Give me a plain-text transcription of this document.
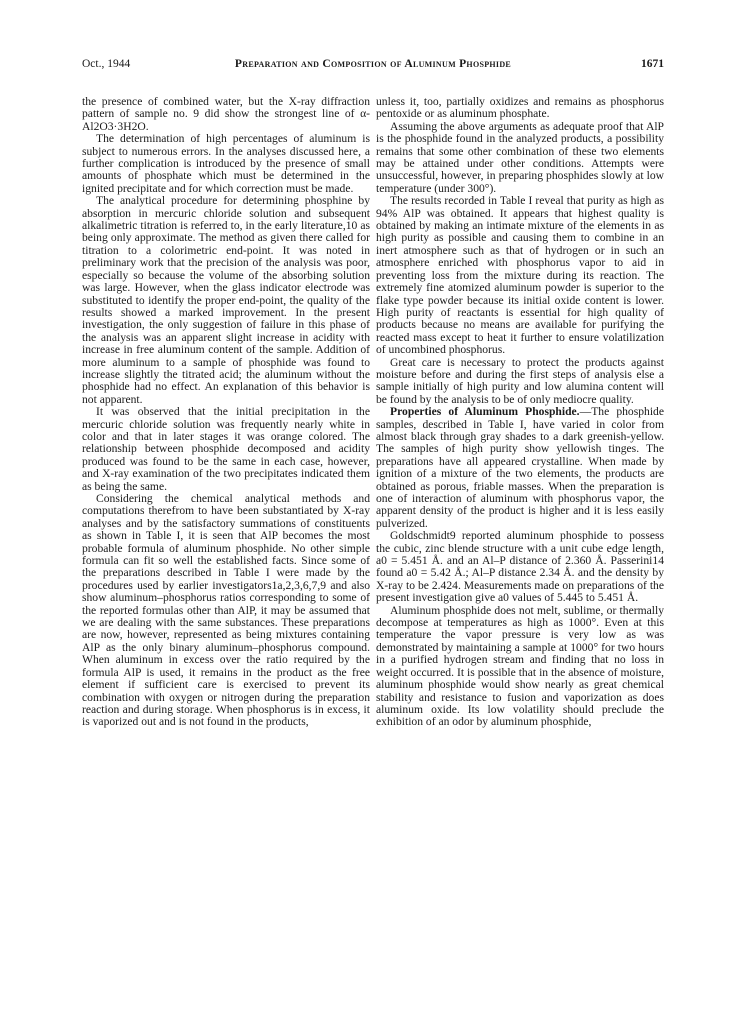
Oct., 1944	Preparation and Composition of Aluminum Phosphide	1671

the presence of combined water, but the X-ray diffraction pattern of sample no. 9 did show the strongest line of α-Al2O3·3H2O.

The determination of high percentages of aluminum is subject to numerous errors. In the analyses discussed here, a further complication is introduced by the presence of small amounts of phosphate which must be determined in the ignited precipitate and for which correction must be made.

The analytical procedure for determining phosphine by absorption in mercuric chloride solution and subsequent alkalimetric titration is referred to, in the early literature,10 as being only approximate. The method as given there called for titration to a colorimetric end-point. It was noted in preliminary work that the precision of the analysis was poor, especially so because the volume of the absorbing solution was large. However, when the glass indicator electrode was substituted to identify the proper end-point, the quality of the results showed a marked improvement. In the present investigation, the only suggestion of failure in this phase of the analysis was an apparent slight increase in acidity with increase in free aluminum content of the sample. Addition of more aluminum to a sample of phosphide was found to increase slightly the titrated acid; the aluminum without the phosphide had no effect. An explanation of this behavior is not apparent.

It was observed that the initial precipitation in the mercuric chloride solution was frequently nearly white in color and that in later stages it was orange colored. The relationship between phosphide decomposed and acidity produced was found to be the same in each case, however, and X-ray examination of the two precipitates indicated them as being the same.

Considering the chemical analytical methods and computations therefrom to have been substantiated by X-ray analyses and by the satisfactory summations of constituents as shown in Table I, it is seen that AlP becomes the most probable formula of aluminum phosphide. No other simple formula can fit so well the established facts. Since some of the preparations described in Table I were made by the procedures used by earlier investigators1a,2,3,6,7,9 and also show aluminum–phosphorus ratios corresponding to some of the reported formulas other than AlP, it may be assumed that we are dealing with the same substances. These preparations are now, however, represented as being mixtures containing AlP as the only binary aluminum–phosphorus compound. When aluminum in excess over the ratio required by the formula AlP is used, it remains in the product as the free element if sufficient care is exercised to prevent its combination with oxygen or nitrogen during the preparation reaction and during storage. When phosphorus is in excess, it is vaporized out and is not found in the products,

unless it, too, partially oxidizes and remains as phosphorus pentoxide or as aluminum phosphate.

Assuming the above arguments as adequate proof that AlP is the phosphide found in the analyzed products, a possibility remains that some other combination of these two elements may be attained under other conditions. Attempts were unsuccessful, however, in preparing phosphides slowly at low temperature (under 300°).

The results recorded in Table I reveal that purity as high as 94% AlP was obtained. It appears that highest quality is obtained by making an intimate mixture of the elements in as high purity as possible and causing them to combine in an inert atmosphere such as that of hydrogen or in such an atmosphere enriched with phosphorus vapor to aid in preventing loss from the mixture during its reaction. The extremely fine atomized aluminum powder is superior to the flake type powder because its initial oxide content is lower. High purity of reactants is essential for high quality of products because no means are available for purifying the reacted mass except to heat it further to ensure volatilization of uncombined phosphorus.

Great care is necessary to protect the products against moisture before and during the first steps of analysis else a sample initially of high purity and low alumina content will be found by the analysis to be of only mediocre quality.

Properties of Aluminum Phosphide.—The phosphide samples, described in Table I, have varied in color from almost black through gray shades to a dark greenish-yellow. The samples of high purity show yellowish tinges. The preparations have all appeared crystalline. When made by ignition of a mixture of the two elements, the products are obtained as porous, friable masses. When the preparation is one of interaction of aluminum with phosphorus vapor, the apparent density of the product is higher and it is less easily pulverized.

Goldschmidt9 reported aluminum phosphide to possess the cubic, zinc blende structure with a unit cube edge length, a0 = 5.451 Å. and an Al–P distance of 2.360 Å. Passerini14 found a0 = 5.42 Å.; Al–P distance 2.34 Å. and the density by X-ray to be 2.424. Measurements made on preparations of the present investigation give a0 values of 5.445 to 5.451 Å.

Aluminum phosphide does not melt, sublime, or thermally decompose at temperatures as high as 1000°. Even at this temperature the vapor pressure is very low as was demonstrated by maintaining a sample at 1000° for two hours in a purified hydrogen stream and finding that no loss in weight occurred. It is possible that in the absence of moisture, aluminum phosphide would show nearly as great chemical stability and resistance to fusion and vaporization as does aluminum oxide. Its low volatility should preclude the exhibition of an odor by aluminum phosphide,
